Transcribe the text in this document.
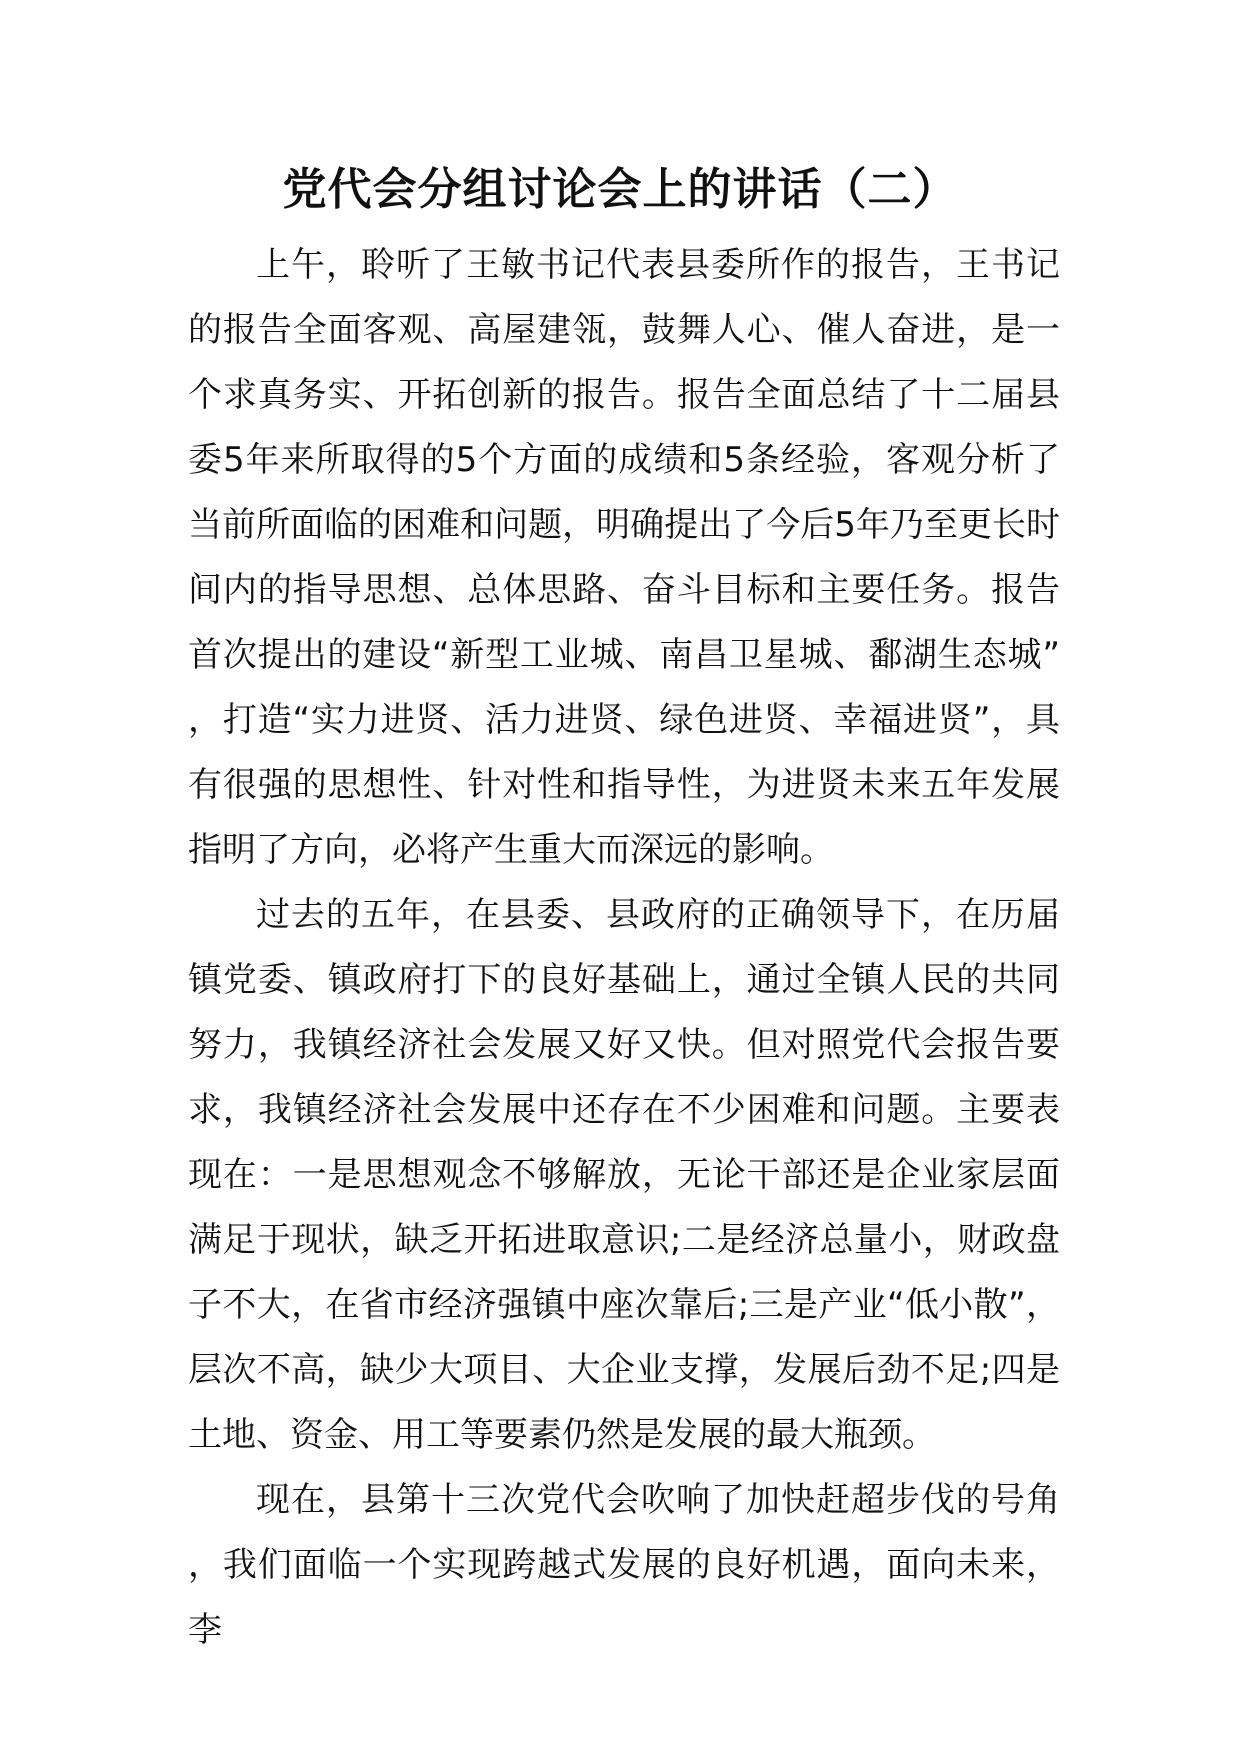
党代会分组讨论会上的讲话（二）

上午，聆听了王敏书记代表县委所作的报告，王书记的报告全面客观、高屋建瓴，鼓舞人心、催人奋进，是一个求真务实、开拓创新的报告。报告全面总结了十二届县委5年来所取得的5个方面的成绩和5条经验，客观分析了当前所面临的困难和问题，明确提出了今后5年乃至更长时间内的指导思想、总体思路、奋斗目标和主要任务。报告首次提出的建设“新型工业城、南昌卫星城、鄱湖生态城”，打造“实力进贤、活力进贤、绿色进贤、幸福进贤”，具有很强的思想性、针对性和指导性，为进贤未来五年发展指明了方向，必将产生重大而深远的影响。

过去的五年，在县委、县政府的正确领导下，在历届镇党委、镇政府打下的良好基础上，通过全镇人民的共同努力，我镇经济社会发展又好又快。但对照党代会报告要求，我镇经济社会发展中还存在不少困难和问题。主要表现在：一是思想观念不够解放，无论干部还是企业家层面满足于现状，缺乏开拓进取意识;二是经济总量小，财政盘子不大，在省市经济强镇中座次靠后;三是产业“低小散”，层次不高，缺少大项目、大企业支撑，发展后劲不足;四是土地、资金、用工等要素仍然是发展的最大瓶颈。

现在，县第十三次党代会吹响了加快赶超步伐的号角，我们面临一个实现跨越式发展的良好机遇，面向未来，李
